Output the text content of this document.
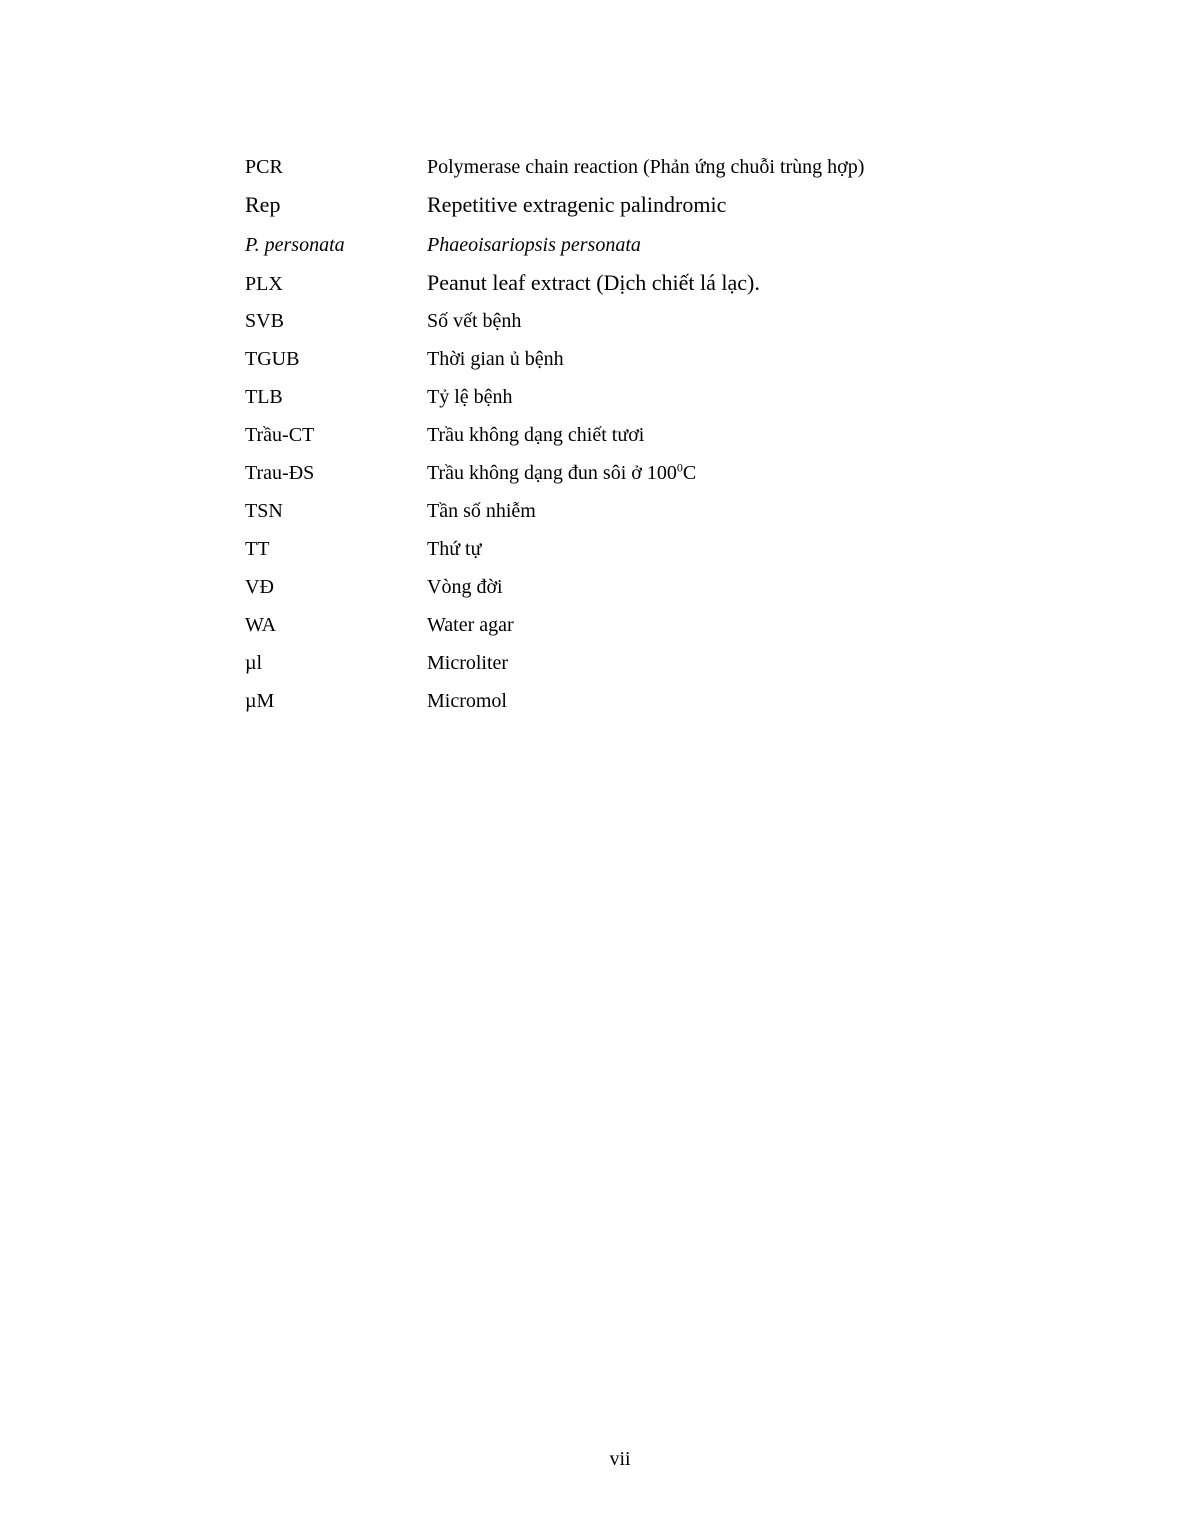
PCR	Polymerase chain reaction (Phản ứng chuỗi trùng hợp)
Rep	Repetitive extragenic palindromic
P. personata	Phaeoisariopsis personata
PLX	Peanut leaf extract (Dịch chiết lá lạc).
SVB	Số vết bệnh
TGUB	Thời gian ủ bệnh
TLB	Tỷ lệ bệnh
Trầu-CT	Trầu không dạng chiết tươi
Trau-ĐS	Trầu không dạng đun sôi ở $100^0C$
TSN	Tần số nhiễm
TT	Thứ tự
VĐ	Vòng đời
WA	Water agar
µl	Microliter
µM	Micromol
vii
